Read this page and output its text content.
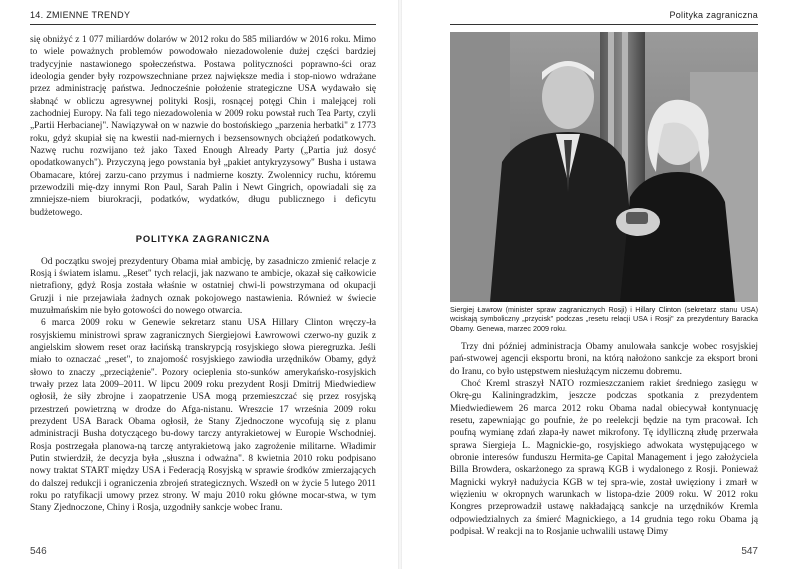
14. ZMIENNE TRENDY

się obniżyć z 1 077 miliardów dolarów w 2012 roku do 585 miliardów w 2016 roku. Mimo to wiele poważnych problemów powodowało niezadowolenie dużej części bardziej tradycyjnie nastawionego społeczeństwa. Postawa polityczności poprawno-ści oraz ideologia gender były rozpowszechniane przez największe media i stop-niowo wdrażane przez administrację państwa. Jednocześnie położenie strategiczne USA wydawało się słabnąć w obliczu agresywnej polityki Rosji, rosnącej potęgi Chin i malejącej roli zachodniej Europy. Na fali tego niezadowolenia w 2009 roku powstał ruch Tea Party, czyli „Partii Herbacianej". Nawiązywał on w nazwie do bostońskiego „parzenia herbatki" z 1773 roku, gdyż skupiał się na kwestii nad-miernych i bezsensownych obciążeń podatkowych. Nazwę ruchu rozwijano też jako Taxed Enough Already Party („Partia już dosyć opodatkowanych"). Przyczyną jego powstania był „pakiet antykryzysowy" Busha i ustawa Obamacare, której zarzu-cano przymus i nadmierne koszty. Zwolennicy ruchu, któremu przewodzili mię-dzy innymi Ron Paul, Sarah Palin i Newt Gingrich, opowiadali się za zmniejsze-niem biurokracji, podatków, wydatków, długu publicznego i deficytu budżetowego.

POLITYKA ZAGRANICZNA

Od początku swojej prezydentury Obama miał ambicję, by zasadniczo zmienić relacje z Rosją i światem islamu. „Reset" tych relacji, jak nazwano te ambicje, okazał się całkowicie nietrafiony, gdyż Rosja została właśnie w ostatniej chwi-li powstrzymana od okupacji Gruzji i nie przejawiała żadnych oznak pokojowego nastawienia. Również w świecie muzułmańskim nie było gotowości do nowego otwarcia.

6 marca 2009 roku w Genewie sekretarz stanu USA Hillary Clinton wręczy-ła rosyjskiemu ministrowi spraw zagranicznych Siergiejowi Ławrowowi czerwo-ny guzik z angielskim słowem reset oraz łacińską transkrypcją rosyjskiego słowa pieregruzka. Jeśli miało to oznaczać „reset", to znajomość rosyjskiego zawiodła urzędników Obamy, gdyż słowo to znaczy „przeciążenie". Pozory ocieplenia sto-sunków amerykańsko-rosyjskich trwały przez lata 2009–2011. W lipcu 2009 roku prezydent Rosji Dmitrij Miedwiediew ogłosił, że siły zbrojne i zaopatrzenie USA mogą przemieszczać się przez rosyjską przestrzeń powietrzną w drodze do Afga-nistanu. Wreszcie 17 września 2009 roku prezydent USA Barack Obama ogłosił, że Stany Zjednoczone wycofują się z planu administracji Busha dotyczącego bu-dowy tarczy antyrakietowej w Europie Wschodniej. Rosja postrzegała planowa-ną tarczę antyrakietową jako zagrożenie militarne. Władimir Putin stwierdził, że decyzja była „słuszna i odważna". 8 kwietnia 2010 roku podpisano nowy traktat START między USA i Federacją Rosyjską w sprawie środków zmierzających do dalszej redukcji i ograniczenia zbrojeń strategicznych. Wszedł on w życie 5 lutego 2011 roku po ratyfikacji umowy przez strony. W maju 2010 roku główne mocar-stwa, w tym Stany Zjednoczone, Chiny i Rosja, uzgodniły sankcje wobec Iranu.

546
Polityka zagraniczna
547
Siergiej Ławrow (minister spraw zagranicznych Rosji) i Hillary Clinton (sekretarz stanu USA) wciskają symboliczny „przycisk" podczas „resetu relacji USA i Rosji" za prezydentury Baracka Obamy. Genewa, marzec 2009 roku.

Trzy dni później administracja Obamy anulowała sankcje wobec rosyjskiej pań-stwowej agencji eksportu broni, na którą nałożono sankcje za eksport broni do Iranu, co było ustępstwem niesłużącym niczemu dobremu.

Choć Kreml straszył NATO rozmieszczaniem rakiet średniego zasięgu w Okrę-gu Kaliningradzkim, jeszcze podczas spotkania z prezydentem Miedwiediewem 26 marca 2012 roku Obama nadal obiecywał kontynuację resetu, zapewniając go poufnie, że po reelekcji będzie na tym pracował. Ich poufną wymianę zdań złapa-ły nawet mikrofony. Tę idylliczną złudę przerwała sprawa Siergieja L. Magnickie-go, rosyjskiego adwokata występującego w obronie interesów funduszu Hermita-ge Capital Management i jego założyciela Billa Browdera, oskarżonego za sprawą KGB i wydalonego z Rosji. Ponieważ Magnicki wykrył nadużycia KGB w tej spra-wie, został uwięziony i zmarł w więzieniu w okropnych warunkach w listopa-dzie 2009 roku. W 2012 roku Kongres przeprowadził ustawę nakładającą sankcje na urzędników Kremla odpowiedzialnych za śmierć Magnickiego, a 14 grudnia tego roku Obama ją podpisał. W reakcji na to Rosjanie uchwalili ustawę Dimy
